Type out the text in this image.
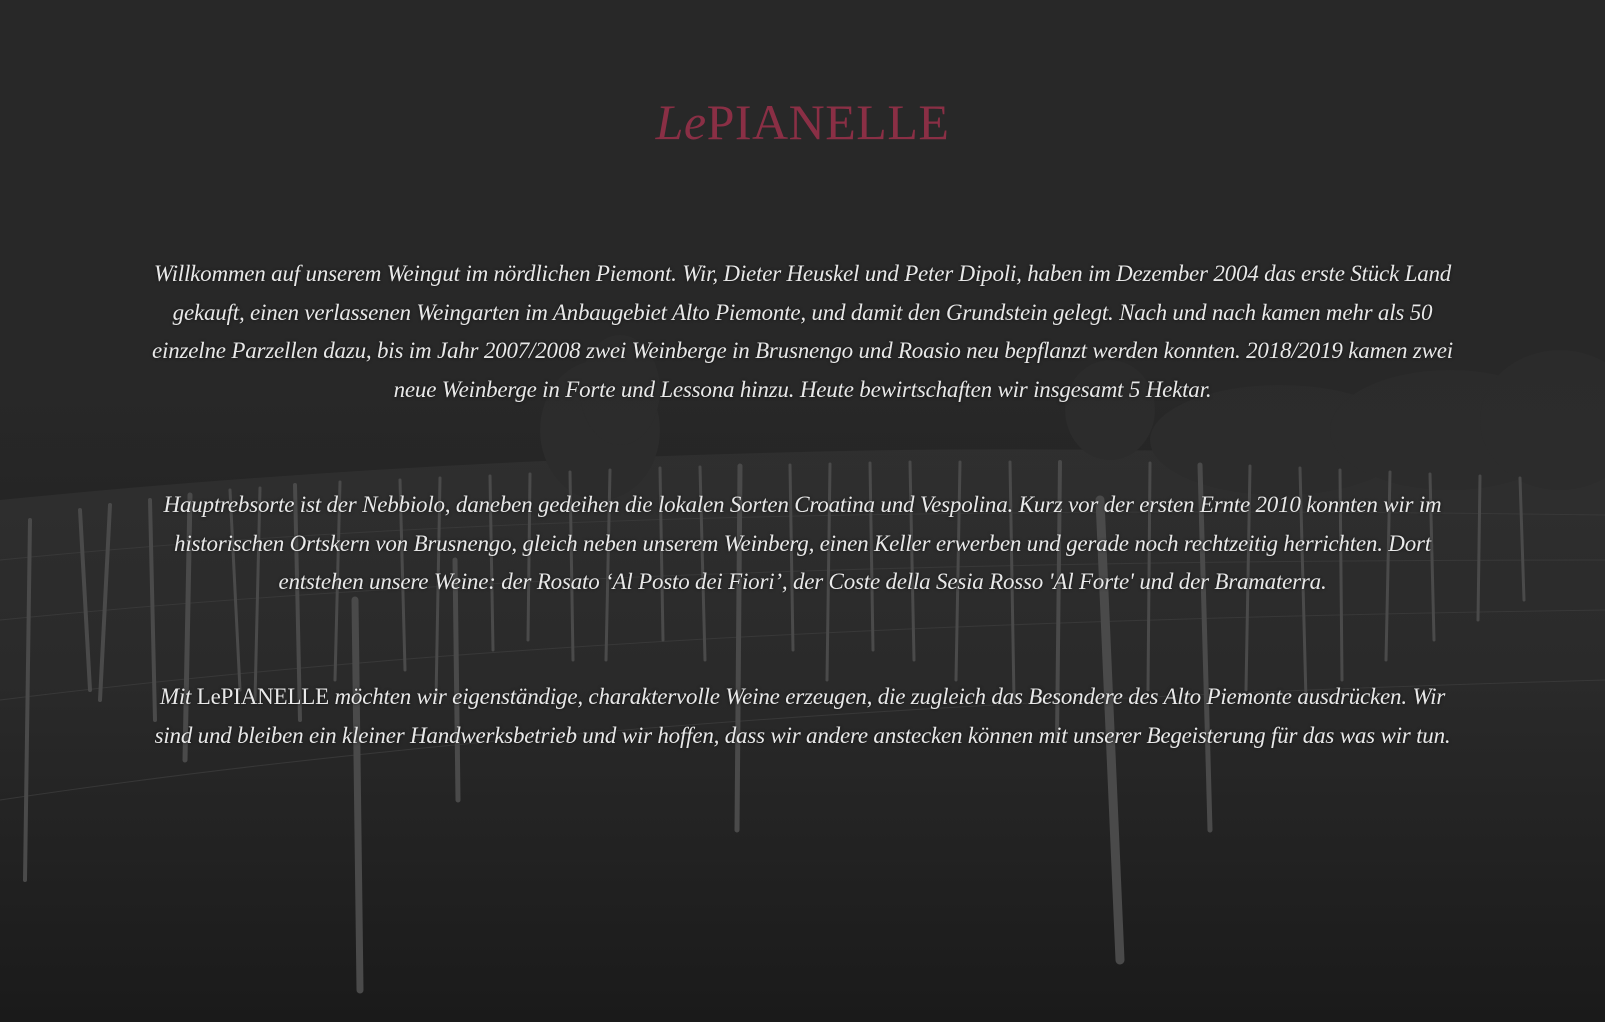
LePIANELLE

Willkommen auf unserem Weingut im nördlichen Piemont. Wir, Dieter Heuskel und Peter Dipoli, haben im Dezember 2004 das erste Stück Land gekauft, einen verlassenen Weingarten im Anbaugebiet Alto Piemonte, und damit den Grundstein gelegt. Nach und nach kamen mehr als 50 einzelne Parzellen dazu, bis im Jahr 2007/2008 zwei Weinberge in Brusnengo und Roasio neu bepflanzt werden konnten. 2018/2019 kamen zwei neue Weinberge in Forte und Lessona hinzu. Heute bewirtschaften wir insgesamt 5 Hektar.

Hauptrebsorte ist der Nebbiolo, daneben gedeihen die lokalen Sorten Croatina und Vespolina. Kurz vor der ersten Ernte 2010 konnten wir im historischen Ortskern von Brusnengo, gleich neben unserem Weinberg, einen Keller erwerben und gerade noch rechtzeitig herrichten. Dort entstehen unsere Weine: der Rosato ‘Al Posto dei Fiori’, der Coste della Sesia Rosso 'Al Forte' und der Bramaterra.

Mit LePIANELLE möchten wir eigenständige, charaktervolle Weine erzeugen, die zugleich das Besondere des Alto Piemonte ausdrücken. Wir sind und bleiben ein kleiner Handwerksbetrieb und wir hoffen, dass wir andere anstecken können mit unserer Begeisterung für das was wir tun.
